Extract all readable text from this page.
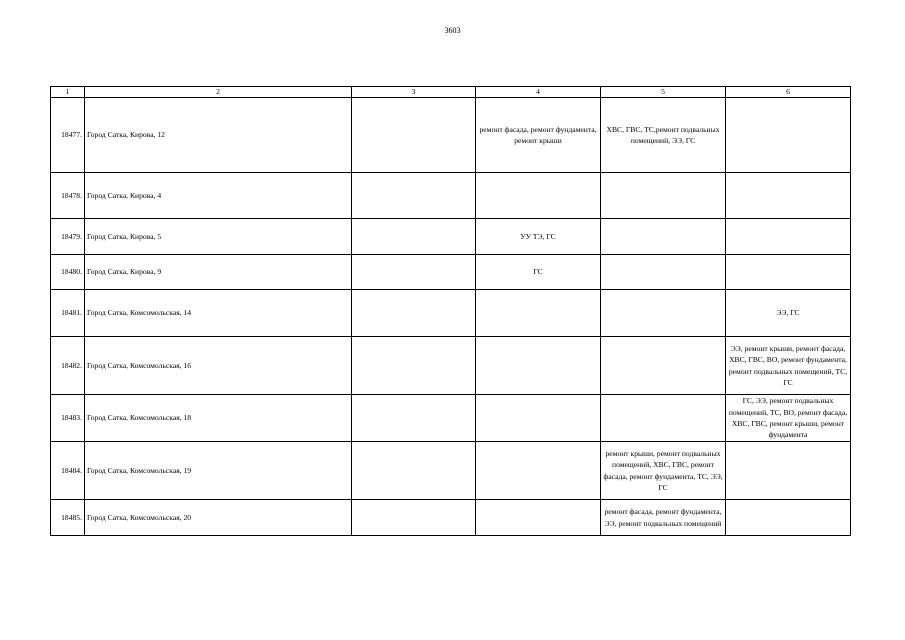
3603
1	2	3	4	5	6
18477.	Город Сатка, Кирова, 12		ремонт фасада, ремонт фундамента, ремонт крыши	ХВС, ГВС, ТС,ремонт подвальных помещений, ЭЭ, ГС	
18478.	Город Сатка, Кирова, 4				
18479.	Город Сатка, Кирова, 5		УУ ТЭ, ГС		
18480.	Город Сатка, Кирова, 9		ГС		
18481.	Город Сатка, Комсомольская, 14				ЭЭ, ГС
18482.	Город Сатка, Комсомольская, 16				ЭЭ, ремонт крыши, ремонт фасада, ХВС, ГВС, ВО, ремонт фундамента, ремонт подвальных помещений, ТС, ГС
18483.	Город Сатка, Комсомольская, 18				ГС, ЭЭ, ремонт подвальных помещений, ТС, ВО, ремонт фасада, ХВС, ГВС, ремонт крыши, ремонт фундамента
18484.	Город Сатка, Комсомольская, 19			ремонт крыши, ремонт подвальных помещений, ХВС, ГВС, ремонт фасада, ремонт фундамента, ТС, ЭЭ, ГС	
18485.	Город Сатка, Комсомольская, 20			ремонт фасада, ремонт фундамента, ЭЭ, ремонт подвальных помещений	
